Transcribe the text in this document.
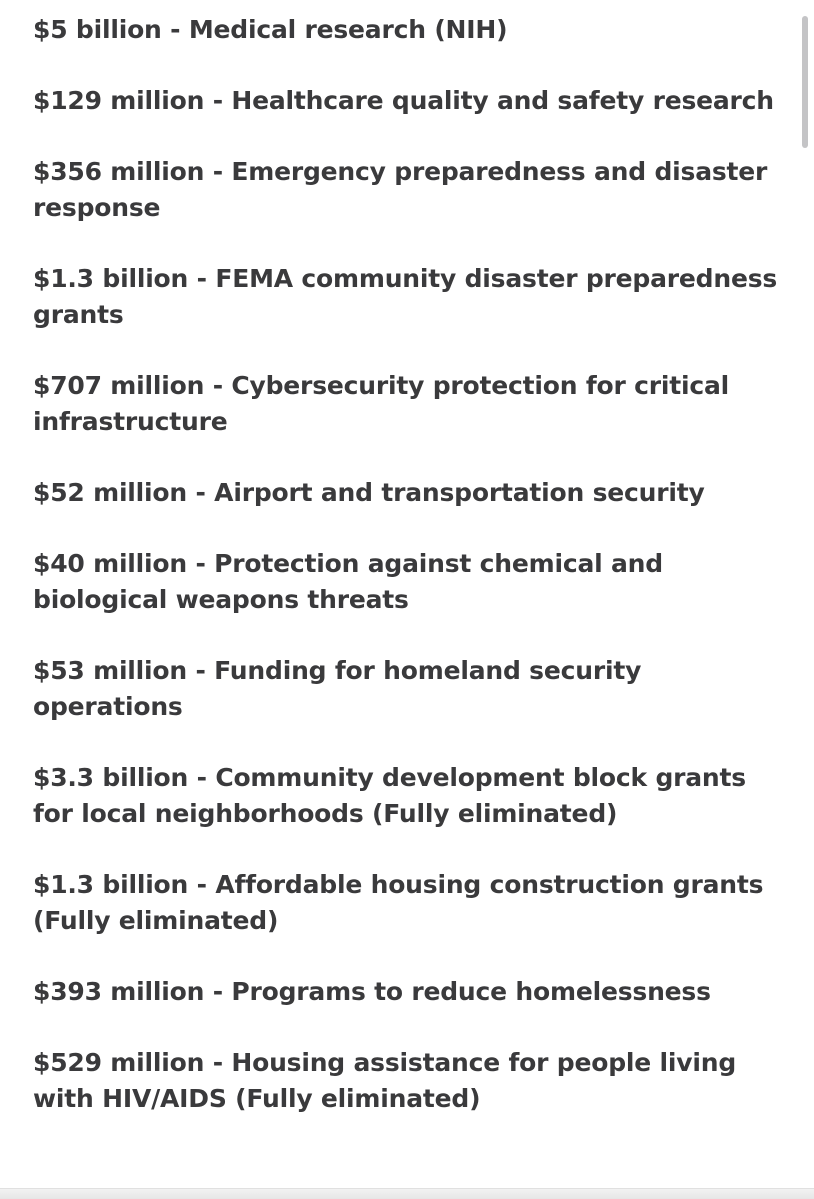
$5 billion - Medical research (NIH)
$129 million - Healthcare quality and safety research
$356 million - Emergency preparedness and disaster response
$1.3 billion - FEMA community disaster preparedness grants
$707 million - Cybersecurity protection for critical infrastructure
$52 million - Airport and transportation security
$40 million - Protection against chemical and biological weapons threats
$53 million - Funding for homeland security operations
$3.3 billion - Community development block grants for local neighborhoods (Fully eliminated)
$1.3 billion - Affordable housing construction grants (Fully eliminated)
$393 million - Programs to reduce homelessness
$529 million - Housing assistance for people living with HIV/AIDS (Fully eliminated)
